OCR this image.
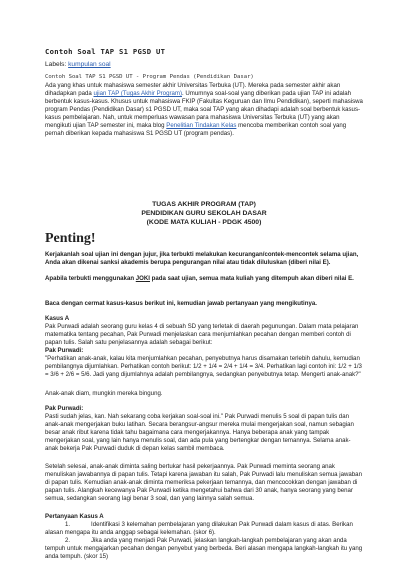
Contoh Soal TAP S1 PGSD UT
Labels: kumpulan soal
Contoh Soal TAP S1 PGSD UT - Program Pendas (Pendidikan Dasar)

Ada yang khas untuk mahasiswa semester akhir Universitas Terbuka (UT). Mereka pada semester akhir akan dihadapkan pada ujian TAP (Tugas Akhir Program). Umumnya soal-soal yang diberikan pada ujian TAP ini adalah berbentuk kasus-kasus. Khusus untuk mahasiswa FKIP (Fakultas Keguruan dan Ilmu Pendidikan), seperti mahasiswa program Pendas (Pendidikan Dasar) s1 PGSD UT, maka soal TAP yang akan dihadapi adalah soal berbentuk kasus-kasus pembelajaran. Nah, untuk memperluas wawasan para mahasiswa Universitas Terbuka (UT) yang akan mengikuti ujian TAP semester ini, maka blog Penelitian Tindakan Kelas mencoba memberikan contoh soal yang pernah diberikan kepada mahasiswa S1 PGSD UT (program pendas).

TUGAS AKHIR PROGRAM (TAP)
PENDIDIKAN GURU SEKOLAH DASAR
(KODE MATA KULIAH - PDGK 4500)
Penting!

Kerjakanlah soal ujian ini dengan jujur, jika terbukti melakukan kecurangan/contek-mencontek selama ujian, Anda akan dikenai sanksi akademis berupa pengurangan nilai atau tidak diluluskan (diberi nilai E).

Apabila terbukti menggunakan JOKI pada saat ujian, semua mata kuliah yang ditempuh akan diberi nilai E.

Baca dengan cermat kasus-kasus berikut ini, kemudian jawab pertanyaan yang mengikutinya.

Kasus A

Pak Purwadi adalah seorang guru kelas 4 di sebuah SD yang terletak di daerah pegunungan. Dalam mata pelajaran matematika tentang pecahan, Pak Purwadi menjelaskan cara menjumlahkan pecahan dengan memberi contoh di papan tulis. Salah satu penjelasannya adalah sebagai berikut:

Pak Purwadi:

"Perhatikan anak-anak, kalau kita menjumlahkan pecahan, penyebutnya harus disamakan terlebih dahulu, kemudian pembilangnya dijumlahkan. Perhatikan contoh berikut: 1/2 + 1/4 = 2/4 + 1/4 = 3/4. Perhatikan lagi contoh ini: 1/2 + 1/3 = 3/6 + 2/6 = 5/6. Jadi yang dijumlahnya adalah pembilangnya, sedangkan penyebutnya tetap. Mengerti anak-anak?"

Anak-anak diam, mungkin mereka bingung.

Pak Purwadi:

Pasti sudah jelas, kan. Nah sekarang coba kerjakan soal-soal ini." Pak Purwadi menulis 5 soal di papan tulis dan anak-anak mengerjakan buku latihan. Secara berangsur-angsur mereka mulai mengerjakan soal, namun sebagian besar anak ribut karena tidak tahu bagaimana cara mengerjakannya. Hanya beberapa anak yang tampak mengerjakan soal, yang lain hanya menulis soal, dan ada pula yang bertengkar dengan temannya. Selama anak-anak bekerja Pak Purwadi duduk di depan kelas sambil membaca.

Setelah selesai, anak-anak diminta saling bertukar hasil pekerjaannya. Pak Purwadi meminta seorang anak menuliskan jawabannya di papan tulis. Tetapi karena jawaban itu salah, Pak Purwadi lalu menuliskan semua jawaban di papan tulis. Kemudian anak-anak diminta memeriksa pekerjaan temannya, dan mencocokkan dengan jawaban di papan tulis. Alangkah kecewanya Pak Purwadi ketika mengetahui bahwa dari 30 anak, hanya seorang yang benar semua, sedangkan seorang lagi benar 3 soal, dan yang lainnya salah semua.

Pertanyaan Kasus A

1.	Identifikasi 3 kelemahan pembelajaran yang dilakukan Pak Purwadi dalam kasus di atas. Berikan alasan mengapa itu anda anggap sebagai kelemahan. (skor 6).
2.	Jika anda yang menjadi Pak Purwadi, jelaskan langkah-langkah pembelajaran yang akan anda tempuh untuk mengajarkan pecahan dengan penyebut yang berbeda. Beri alasan mengapa langkah-langkah itu yang anda tempuh. (skor 15)
